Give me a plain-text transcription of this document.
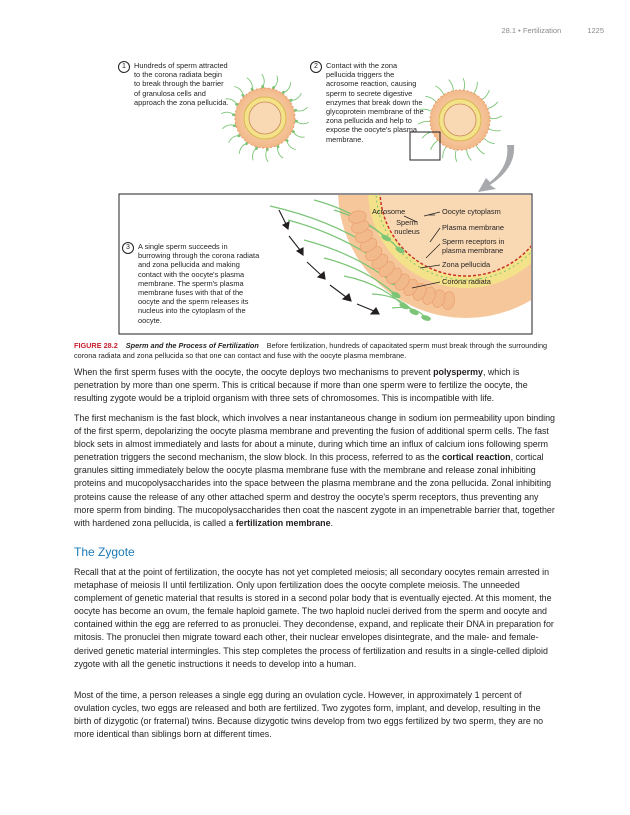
28.1 • Fertilization	1225
1 Hundreds of sperm attracted to the corona radiata begin to break through the barrier of granulosa cells and approach the zona pellucida.
2 Contact with the zona pellucida triggers the acrosome reaction, causing sperm to secrete digestive enzymes that break down the glycoprotein membrane of the zona pellucida and help to expose the oocyte's plasma membrane.
3 A single sperm succeeds in burrowing through the corona radiata and zona pellucida and making contact with the oocyte's plasma membrane. The sperm's plasma membrane fuses with that of the oocyte and the sperm releases its nucleus into the cytoplasm of the oocyte.
Acrosome
Sperm nucleus
Oocyte cytoplasm
Plasma membrane
Sperm receptors in plasma membrane
Zona pellucida
Corona radiata
FIGURE 28.2 Sperm and the Process of Fertilization Before fertilization, hundreds of capacitated sperm must break through the surrounding corona radiata and zona pellucida so that one can contact and fuse with the oocyte plasma membrane.

When the first sperm fuses with the oocyte, the oocyte deploys two mechanisms to prevent polyspermy, which is penetration by more than one sperm. This is critical because if more than one sperm were to fertilize the oocyte, the resulting zygote would be a triploid organism with three sets of chromosomes. This is incompatible with life.

The first mechanism is the fast block, which involves a near instantaneous change in sodium ion permeability upon binding of the first sperm, depolarizing the oocyte plasma membrane and preventing the fusion of additional sperm cells. The fast block sets in almost immediately and lasts for about a minute, during which time an influx of calcium ions following sperm penetration triggers the second mechanism, the slow block. In this process, referred to as the cortical reaction, cortical granules sitting immediately below the oocyte plasma membrane fuse with the membrane and release zonal inhibiting proteins and mucopolysaccharides into the space between the plasma membrane and the zona pellucida. Zonal inhibiting proteins cause the release of any other attached sperm and destroy the oocyte's sperm receptors, thus preventing any more sperm from binding. The mucopolysaccharides then coat the nascent zygote in an impenetrable barrier that, together with hardened zona pellucida, is called a fertilization membrane.

The Zygote
Recall that at the point of fertilization, the oocyte has not yet completed meiosis; all secondary oocytes remain arrested in metaphase of meiosis II until fertilization. Only upon fertilization does the oocyte complete meiosis. The unneeded complement of genetic material that results is stored in a second polar body that is eventually ejected. At this moment, the oocyte has become an ovum, the female haploid gamete. The two haploid nuclei derived from the sperm and oocyte and contained within the egg are referred to as pronuclei. They decondense, expand, and replicate their DNA in preparation for mitosis. The pronuclei then migrate toward each other, their nuclear envelopes disintegrate, and the male- and female-derived genetic material intermingles. This step completes the process of fertilization and results in a single-celled diploid zygote with all the genetic instructions it needs to develop into a human.
Most of the time, a person releases a single egg during an ovulation cycle. However, in approximately 1 percent of ovulation cycles, two eggs are released and both are fertilized. Two zygotes form, implant, and develop, resulting in the birth of dizygotic (or fraternal) twins. Because dizygotic twins develop from two eggs fertilized by two sperm, they are no more identical than siblings born at different times.
